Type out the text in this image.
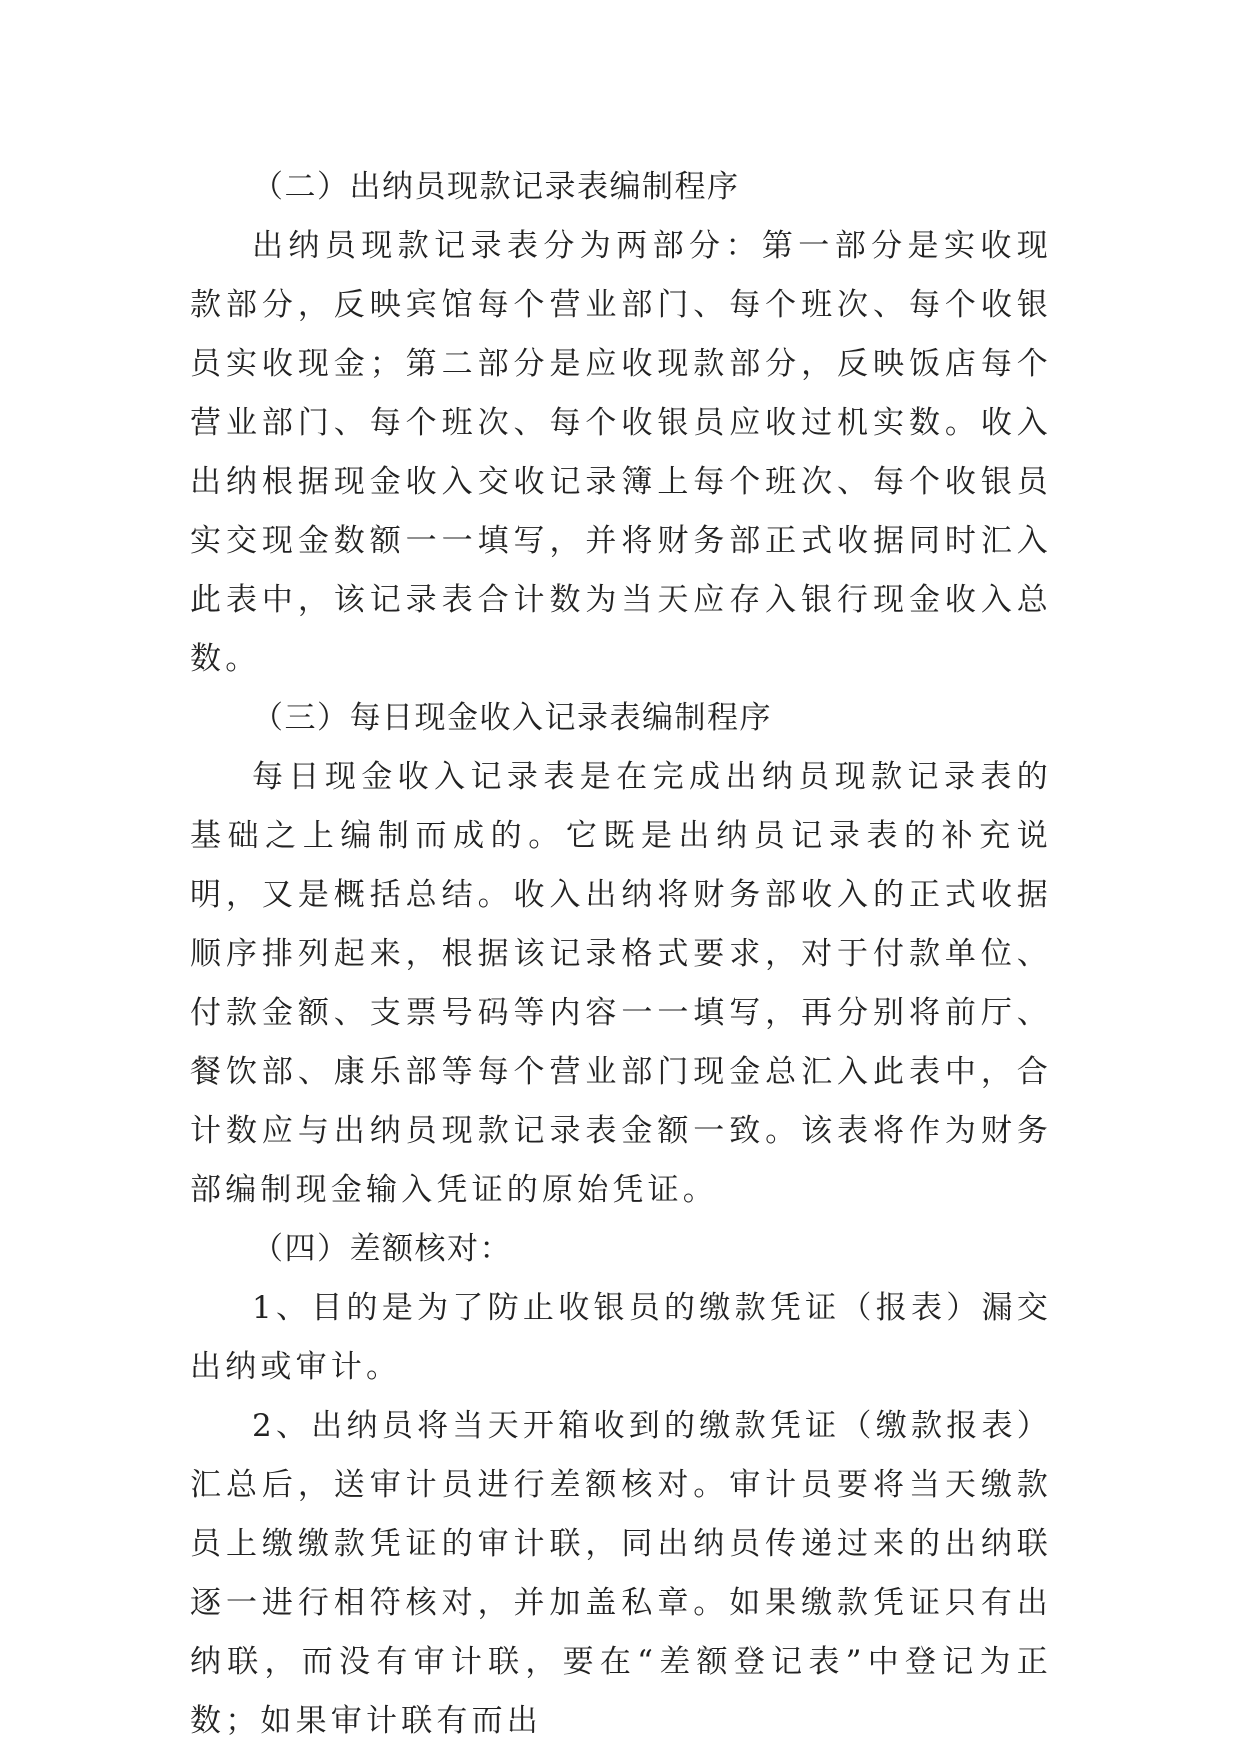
（二）出纳员现款记录表编制程序

出纳员现款记录表分为两部分：第一部分是实收现款部分，反映宾馆每个营业部门、每个班次、每个收银员实收现金；第二部分是应收现款部分，反映饭店每个营业部门、每个班次、每个收银员应收过机实数。收入出纳根据现金收入交收记录簿上每个班次、每个收银员实交现金数额一一填写，并将财务部正式收据同时汇入此表中，该记录表合计数为当天应存入银行现金收入总数。

（三）每日现金收入记录表编制程序

每日现金收入记录表是在完成出纳员现款记录表的基础之上编制而成的。它既是出纳员记录表的补充说明，又是概括总结。收入出纳将财务部收入的正式收据顺序排列起来，根据该记录格式要求，对于付款单位、付款金额、支票号码等内容一一填写，再分别将前厅、餐饮部、康乐部等每个营业部门现金总汇入此表中，合计数应与出纳员现款记录表金额一致。该表将作为财务部编制现金输入凭证的原始凭证。

（四）差额核对：

1、目的是为了防止收银员的缴款凭证（报表）漏交出纳或审计。

2、出纳员将当天开箱收到的缴款凭证（缴款报表）汇总后，送审计员进行差额核对。审计员要将当天缴款员上缴缴款凭证的审计联，同出纳员传递过来的出纳联逐一进行相符核对，并加盖私章。如果缴款凭证只有出纳联，而没有审计联，要在“差额登记表”中登记为正数；如果审计联有而出
